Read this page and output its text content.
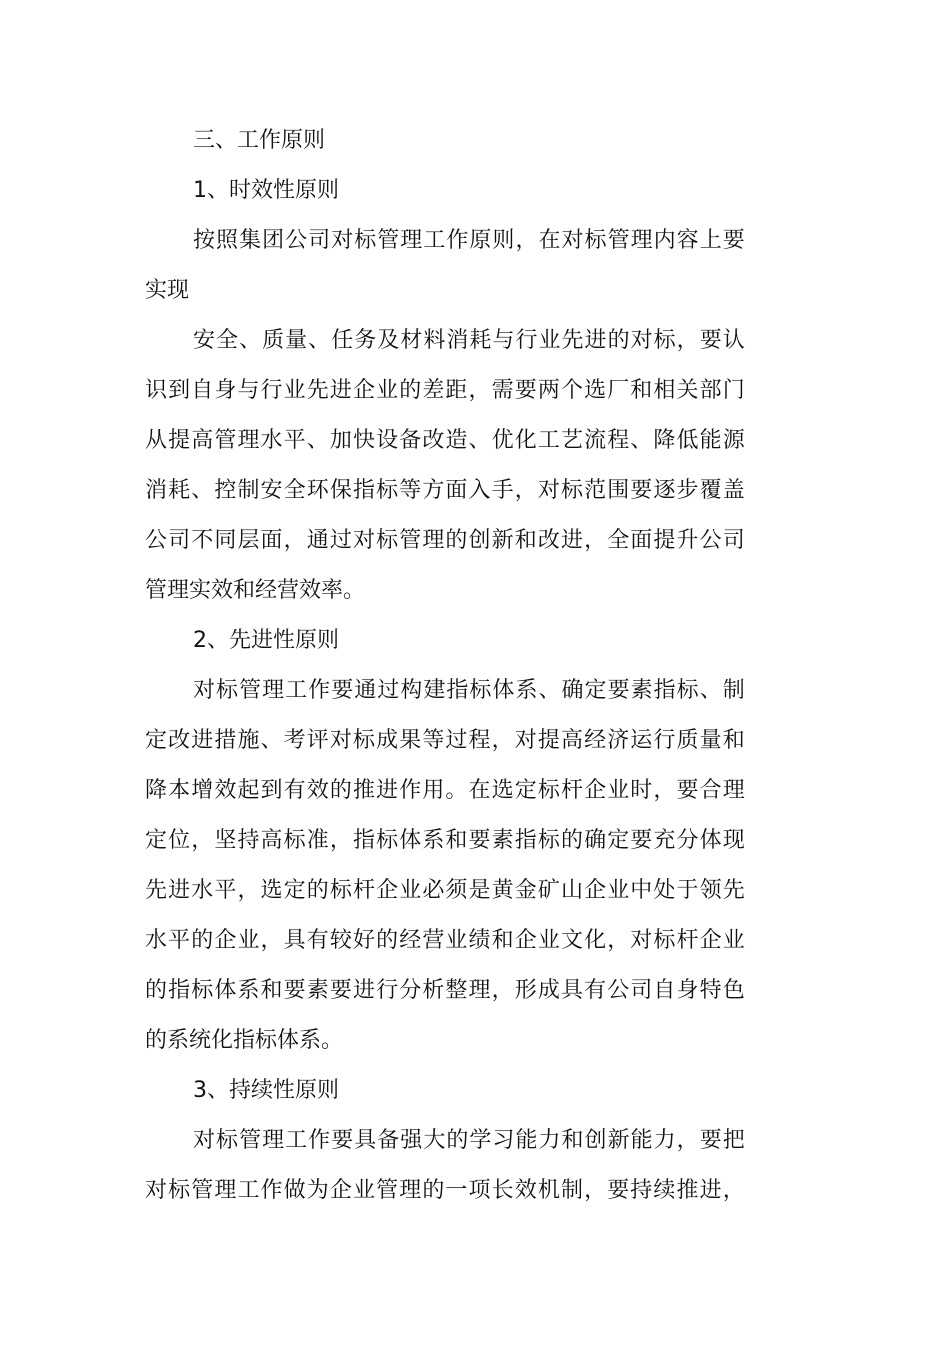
三、工作原则
1、时效性原则
按 照 集 团 公 司 对 标 管 理 工 作 原 则 ， 在 对 标 管 理 内 容 上 要
实现
安 全 、 质 量 、 任 务 及 材 料 消 耗 与 行 业 先 进 的 对 标 ， 要 认
识 到 自 身 与 行 业 先 进 企 业 的 差 距 ， 需 要 两 个 选 厂 和 相 关 部 门
从 提 高 管 理 水 平 、 加 快 设 备 改 造 、 优 化 工 艺 流 程 、 降 低 能 源
消 耗 、 控 制 安 全 环 保 指 标 等 方 面 入 手 ， 对 标 范 围 要 逐 步 覆 盖
公 司 不 同 层 面 ， 通 过 对 标 管 理 的 创 新 和 改 进 ， 全 面 提 升 公 司
管理实效和经营效率。
2、先进性原则
对 标 管 理 工 作 要 通 过 构 建 指 标 体 系 、 确 定 要 素 指 标 、 制
定 改 进 措 施 、 考 评 对 标 成 果 等 过 程 ， 对 提 高 经 济 运 行 质 量 和
降 本 增 效 起 到 有 效 的 推 进 作 用 。 在 选 定 标 杆 企 业 时 ， 要 合 理
定 位 ， 坚 持 高 标 准 ， 指 标 体 系 和 要 素 指 标 的 确 定 要 充 分 体 现
先 进 水 平 ， 选 定 的 标 杆 企 业 必 须 是 黄 金 矿 山 企 业 中 处 于 领 先
水 平 的 企 业 ， 具 有 较 好 的 经 营 业 绩 和 企 业 文 化 ， 对 标 杆 企 业
的 指 标 体 系 和 要 素 要 进 行 分 析 整 理 ， 形 成 具 有 公 司 自 身 特 色
的系统化指标体系。
3、持续性原则
对 标 管 理 工 作 要 具 备 强 大 的 学 习 能 力 和 创 新 能 力 ， 要 把
对 标 管 理 工 作 做 为 企 业 管 理 的 一 项 长 效 机 制 ， 要 持 续 推 进 ，
